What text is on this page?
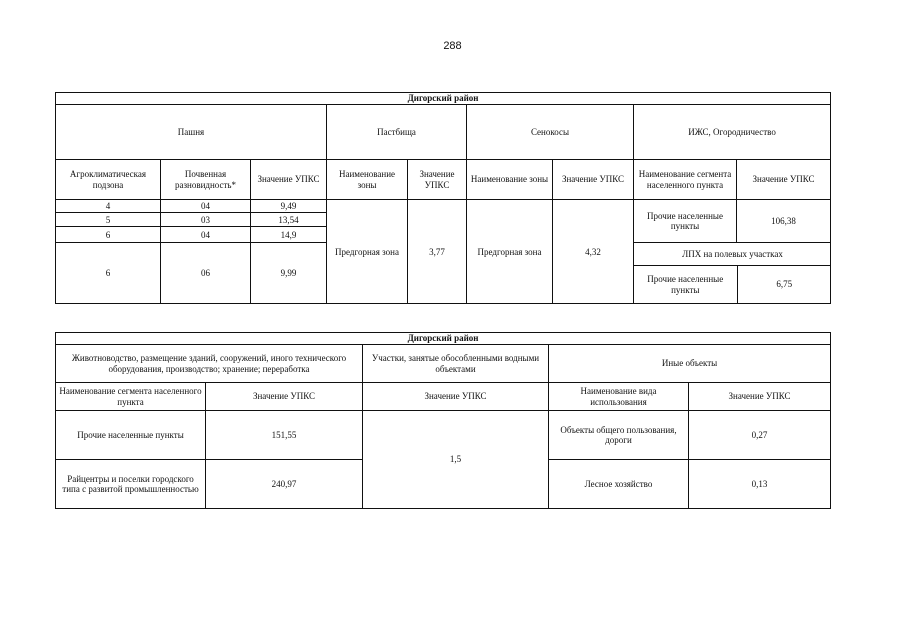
288
Дигорский район
Пашня	Пастбища	Сенокосы	ИЖС, Огородничество
Агроклиматическая подзона	Почвенная разновидность*	Значение УПКС	Наименование зоны	Значение УПКС	Наименование зоны	Значение УПКС	Наименование сегмента населенного пункта	Значение УПКС
4	04	9,49	Предгорная зона	3,77	Предгорная зона	4,32	Прочие населенные пункты	106,38
5	03	13,54
6	04	14,9
6	06	9,99	
ЛПХ на полевых участках
Прочие населенные пункты	6,75
Дигорский район				
Животноводство, размещение зданий, сооружений, иного технического оборудования, производство; хранение; переработка		Участки, занятые обособленными водными объектами	Иные объекты	
Наименование сегмента населенного пункта	Значение УПКС	Значение УПКС	Наименование вида использования	Значение УПКС
Прочие населенные пункты	151,55	1,5	Объекты общего пользования, дороги	0,27
Райцентры и поселки городского типа с развитой промышленностью	240,97		Лесное хозяйство	0,13
